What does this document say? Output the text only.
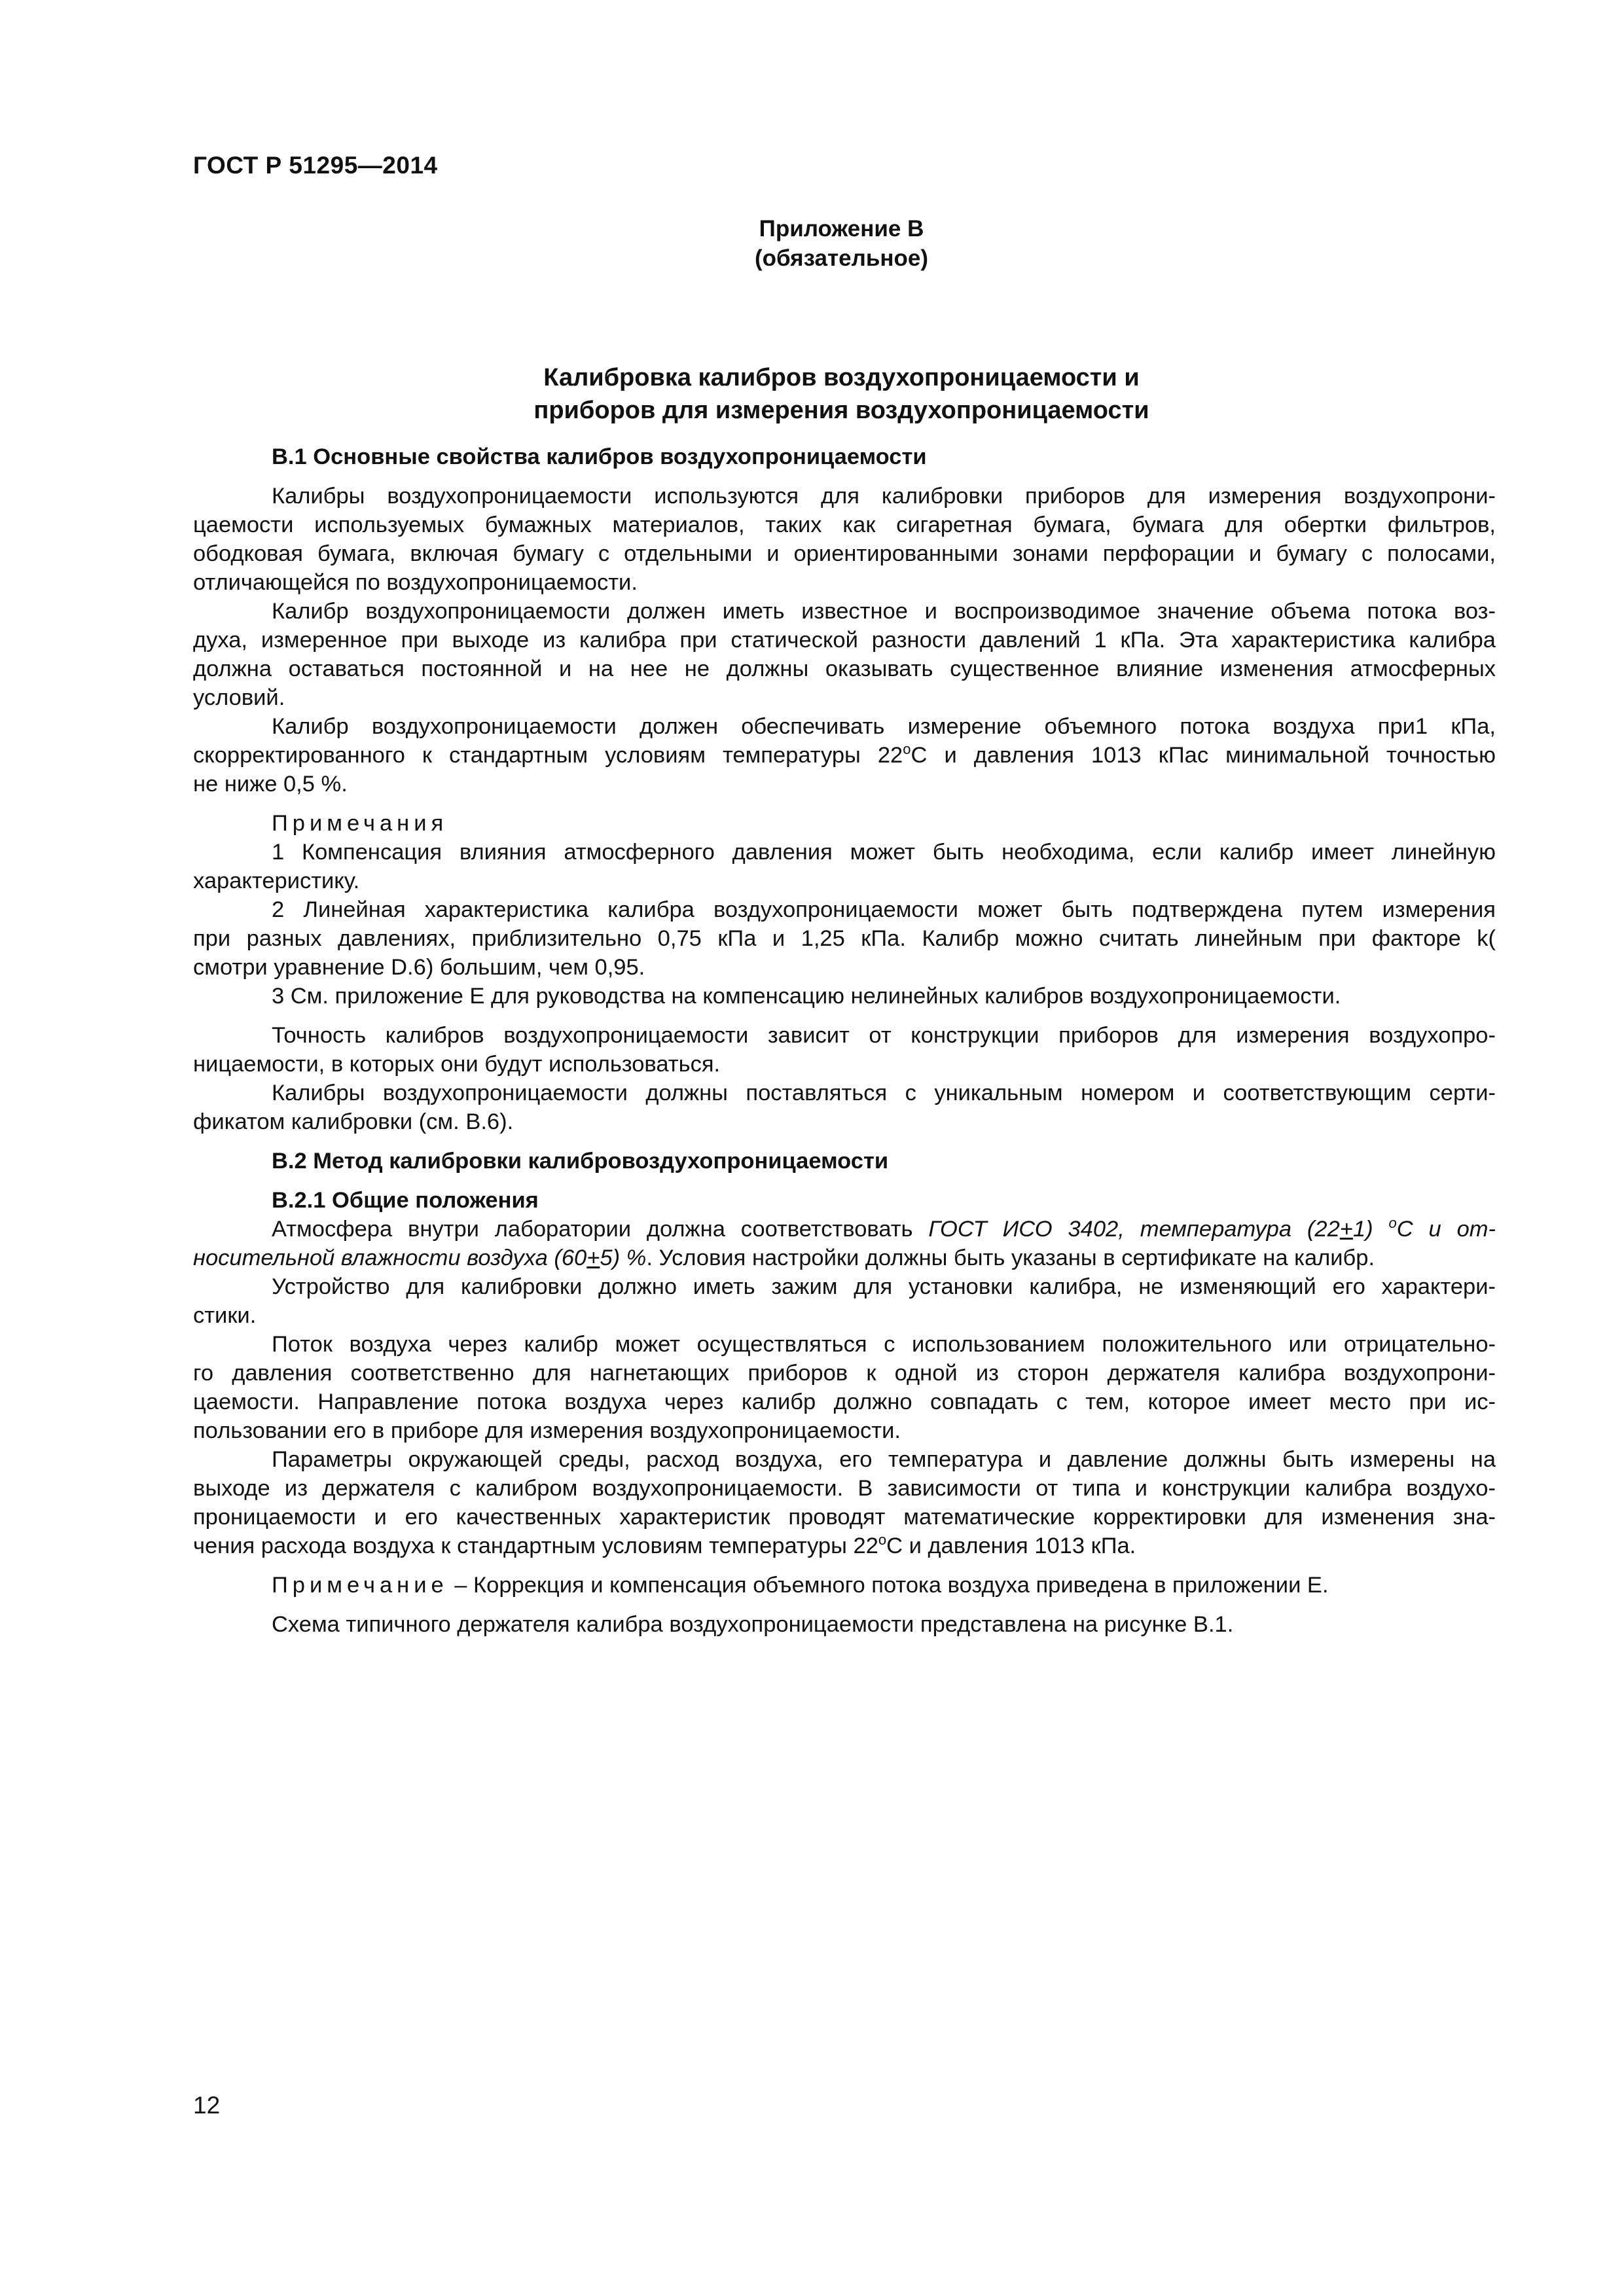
ГОСТ Р 51295—2014
Приложение В
(обязательное)
Калибровка калибров воздухопроницаемости и
приборов для измерения воздухопроницаемости
В.1 Основные свойства калибров воздухопроницаемости
Калибры воздухопроницаемости используются для калибровки приборов для измерения воздухопрони-
цаемости используемых бумажных материалов, таких как сигаретная бумага, бумага для обертки фильтров,
ободковая бумага, включая бумагу с отдельными и ориентированными зонами перфорации и бумагу с полосами,
отличающейся по воздухопроницаемости.
Калибр воздухопроницаемости должен иметь известное и воспроизводимое значение объема потока воз-
духа, измеренное при выходе из калибра при статической разности давлений 1 кПа. Эта характеристика калибра
должна оставаться постоянной и на нее не должны оказывать существенное влияние изменения атмосферных
условий.
Калибр воздухопроницаемости должен обеспечивать измерение объемного потока воздуха при1 кПа,
скорректированного к стандартным условиям температуры $22^оС$ и давления 1013 кПас минимальной точностью
не ниже 0,5 %.
Примечания
1 Компенсация влияния атмосферного давления может быть необходима, если калибр имеет линейную
характеристику.
2 Линейная характеристика калибра воздухопроницаемости может быть подтверждена путем измерения
при разных давлениях, приблизительно 0,75 кПа и 1,25 кПа. Калибр можно считать линейным при факторе k(
смотри уравнение D.6) большим, чем 0,95.
3 См. приложение Е для руководства на компенсацию нелинейных калибров воздухопроницаемости.
Точность калибров воздухопроницаемости зависит от конструкции приборов для измерения воздухопро-
ницаемости, в которых они будут использоваться.
Калибры воздухопроницаемости должны поставляться с уникальным номером и соответствующим серти-
фикатом калибровки (см. В.6).
В.2 Метод калибровки калибровоздухопроницаемости
В.2.1 Общие положения
Атмосфера внутри лаборатории должна соответствовать ГОСТ ИСО 3402, температура (22+1) $^о$С и от-
носительной влажности воздуха (60+5) %. Условия настройки должны быть указаны в сертификате на калибр.
Устройство для калибровки должно иметь зажим для установки калибра, не изменяющий его характери-
стики.
Поток воздуха через калибр может осуществляться с использованием положительного или отрицательно-
го давления соответственно для нагнетающих приборов к одной из сторон держателя калибра воздухопрони-
цаемости. Направление потока воздуха через калибр должно совпадать с тем, которое имеет место при ис-
пользовании его в приборе для измерения воздухопроницаемости.
Параметры окружающей среды, расход воздуха, его температура и давление должны быть измерены на
выходе из держателя с калибром воздухопроницаемости. В зависимости от типа и конструкции калибра воздухо-
проницаемости и его качественных характеристик проводят математические корректировки для изменения зна-
чения расхода воздуха к стандартным условиям температуры $22^оС$ и давления 1013 кПа.
Примечание – Коррекция и компенсация объемного потока воздуха приведена в приложении Е.
Схема типичного держателя калибра воздухопроницаемости представлена на рисунке В.1.
12
